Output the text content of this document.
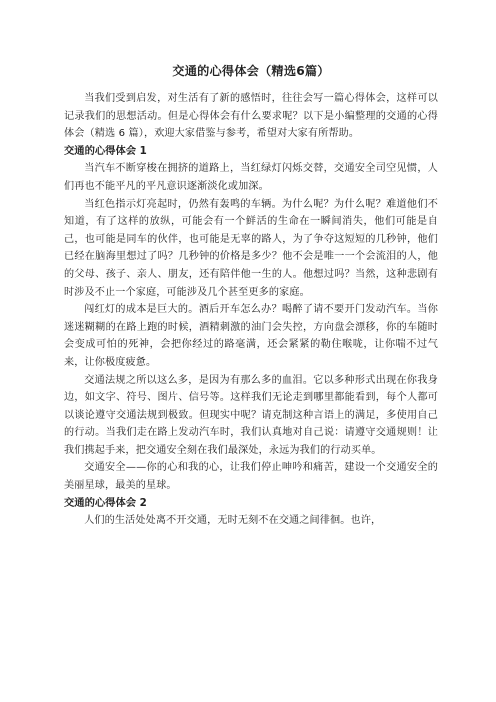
交通的心得体会（精选6篇）

当我们受到启发，对生活有了新的感悟时，往往会写一篇心得体会，这样可以记录我们的思想活动。但是心得体会有什么要求呢？以下是小编整理的交通的心得体会（精选 6 篇），欢迎大家借鉴与参考，希望对大家有所帮助。

交通的心得体会 1

当汽车不断穿梭在拥挤的道路上，当红绿灯闪烁交替，交通安全司空见惯，人们再也不能平凡的平凡意识逐渐淡化或加深。

当红色指示灯亮起时，仍然有轰鸣的车辆。为什么呢？为什么呢？难道他们不知道，有了这样的放纵，可能会有一个鲜活的生命在一瞬间消失，他们可能是自己，也可能是同车的伙伴，也可能是无辜的路人，为了争夺这短短的几秒钟，他们已经在脑海里想过了吗？几秒钟的价格是多少？他不会是唯一一个会流泪的人，他的父母、孩子、亲人、朋友，还有陪伴他一生的人。他想过吗？当然，这种悲剧有时涉及不止一个家庭，可能涉及几个甚至更多的家庭。

闯红灯的成本是巨大的。酒后开车怎么办？喝醉了请不要开门发动汽车。当你迷迷糊糊的在路上跑的时候，酒精刺激的油门会失控，方向盘会漂移，你的车随时会变成可怕的死神，会把你经过的路毫满，还会紧紧的勒住喉咙，让你喘不过气来，让你极度疲惫。

交通法规之所以这么多，是因为有那么多的血泪。它以多种形式出现在你我身边，如文字、符号、图片、信号等。这样我们无论走到哪里都能看到，每个人都可以谈论遵守交通法规到极致。但现实中呢？请克制这种言语上的满足，多使用自己的行动。当我们走在路上发动汽车时，我们认真地对自己说：请遵守交通规则！让我们携起手来，把交通安全刻在我们最深处，永远为我们的行动买单。

交通安全——你的心和我的心，让我们停止呻吟和痛苦，建设一个交通安全的美丽星球，最美的星球。

交通的心得体会 2

人们的生活处处离不开交通，无时无刻不在交通之间徘徊。也许，
